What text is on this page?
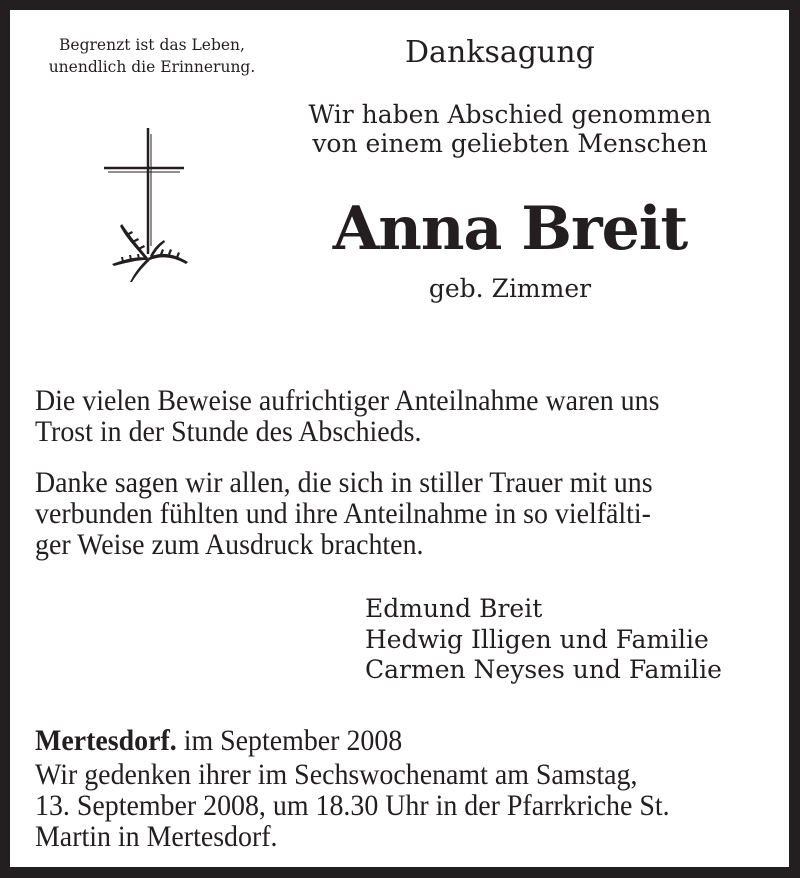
Begrenzt ist das Leben,
unendlich die Erinnerung.	Danksagung
Wir haben Abschied genommen
von einem geliebten Menschen
Anna Breit
geb. Zimmer
Die vielen Beweise aufrichtiger Anteilnahme waren uns
Trost in der Stunde des Abschieds.
Danke sagen wir allen, die sich in stiller Trauer mit uns
verbunden fühlten und ihre Anteilnahme in so vielfälti-
ger Weise zum Ausdruck brachten.
Edmund Breit
Hedwig Illigen und Familie
Carmen Neyses und Familie
Mertesdorf. im September 2008
Wir gedenken ihrer im Sechswochenamt am Samstag,
13. September 2008, um 18.30 Uhr in der Pfarrkriche St.
Martin in Mertesdorf.
